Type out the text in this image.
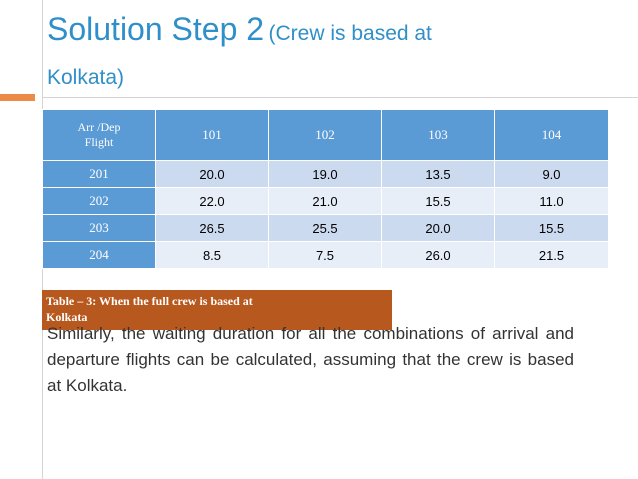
Solution Step 2 (Crew is based at
Kolkata)
Arr /Dep
Flight	101	102	103	104
201	20.0	19.0	13.5	9.0
202	22.0	21.0	15.5	11.0
203	26.5	25.5	20.0	15.5
204	8.5	7.5	26.0	21.5
Table – 3: When the full crew is based at
Kolkata
Similarly, the waiting duration for all the combinations of arrival and departure flights can be calculated, assuming that the crew is based at Kolkata.
